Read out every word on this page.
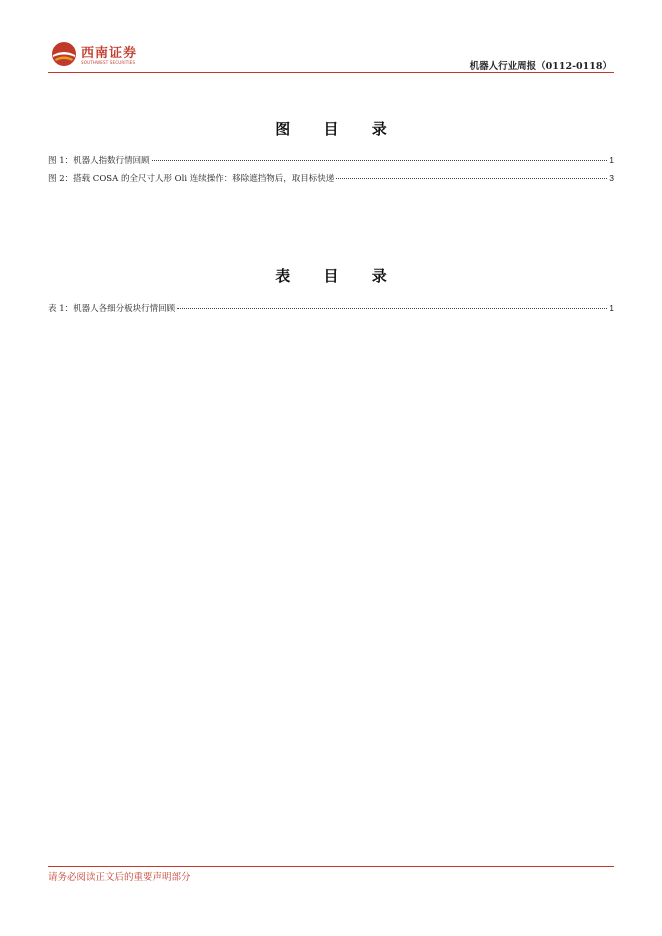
西南证券
SOUTHWEST SECURITIES	机器人行业周报（0112-0118）
图 目 录
图 1：机器人指数行情回顾	1
图 2：搭载 COSA 的全尺寸人形 Oli 连续操作：移除遮挡物后，取目标快递	3
表 目 录
表 1：机器人各细分板块行情回顾	1
请务必阅读正文后的重要声明部分
